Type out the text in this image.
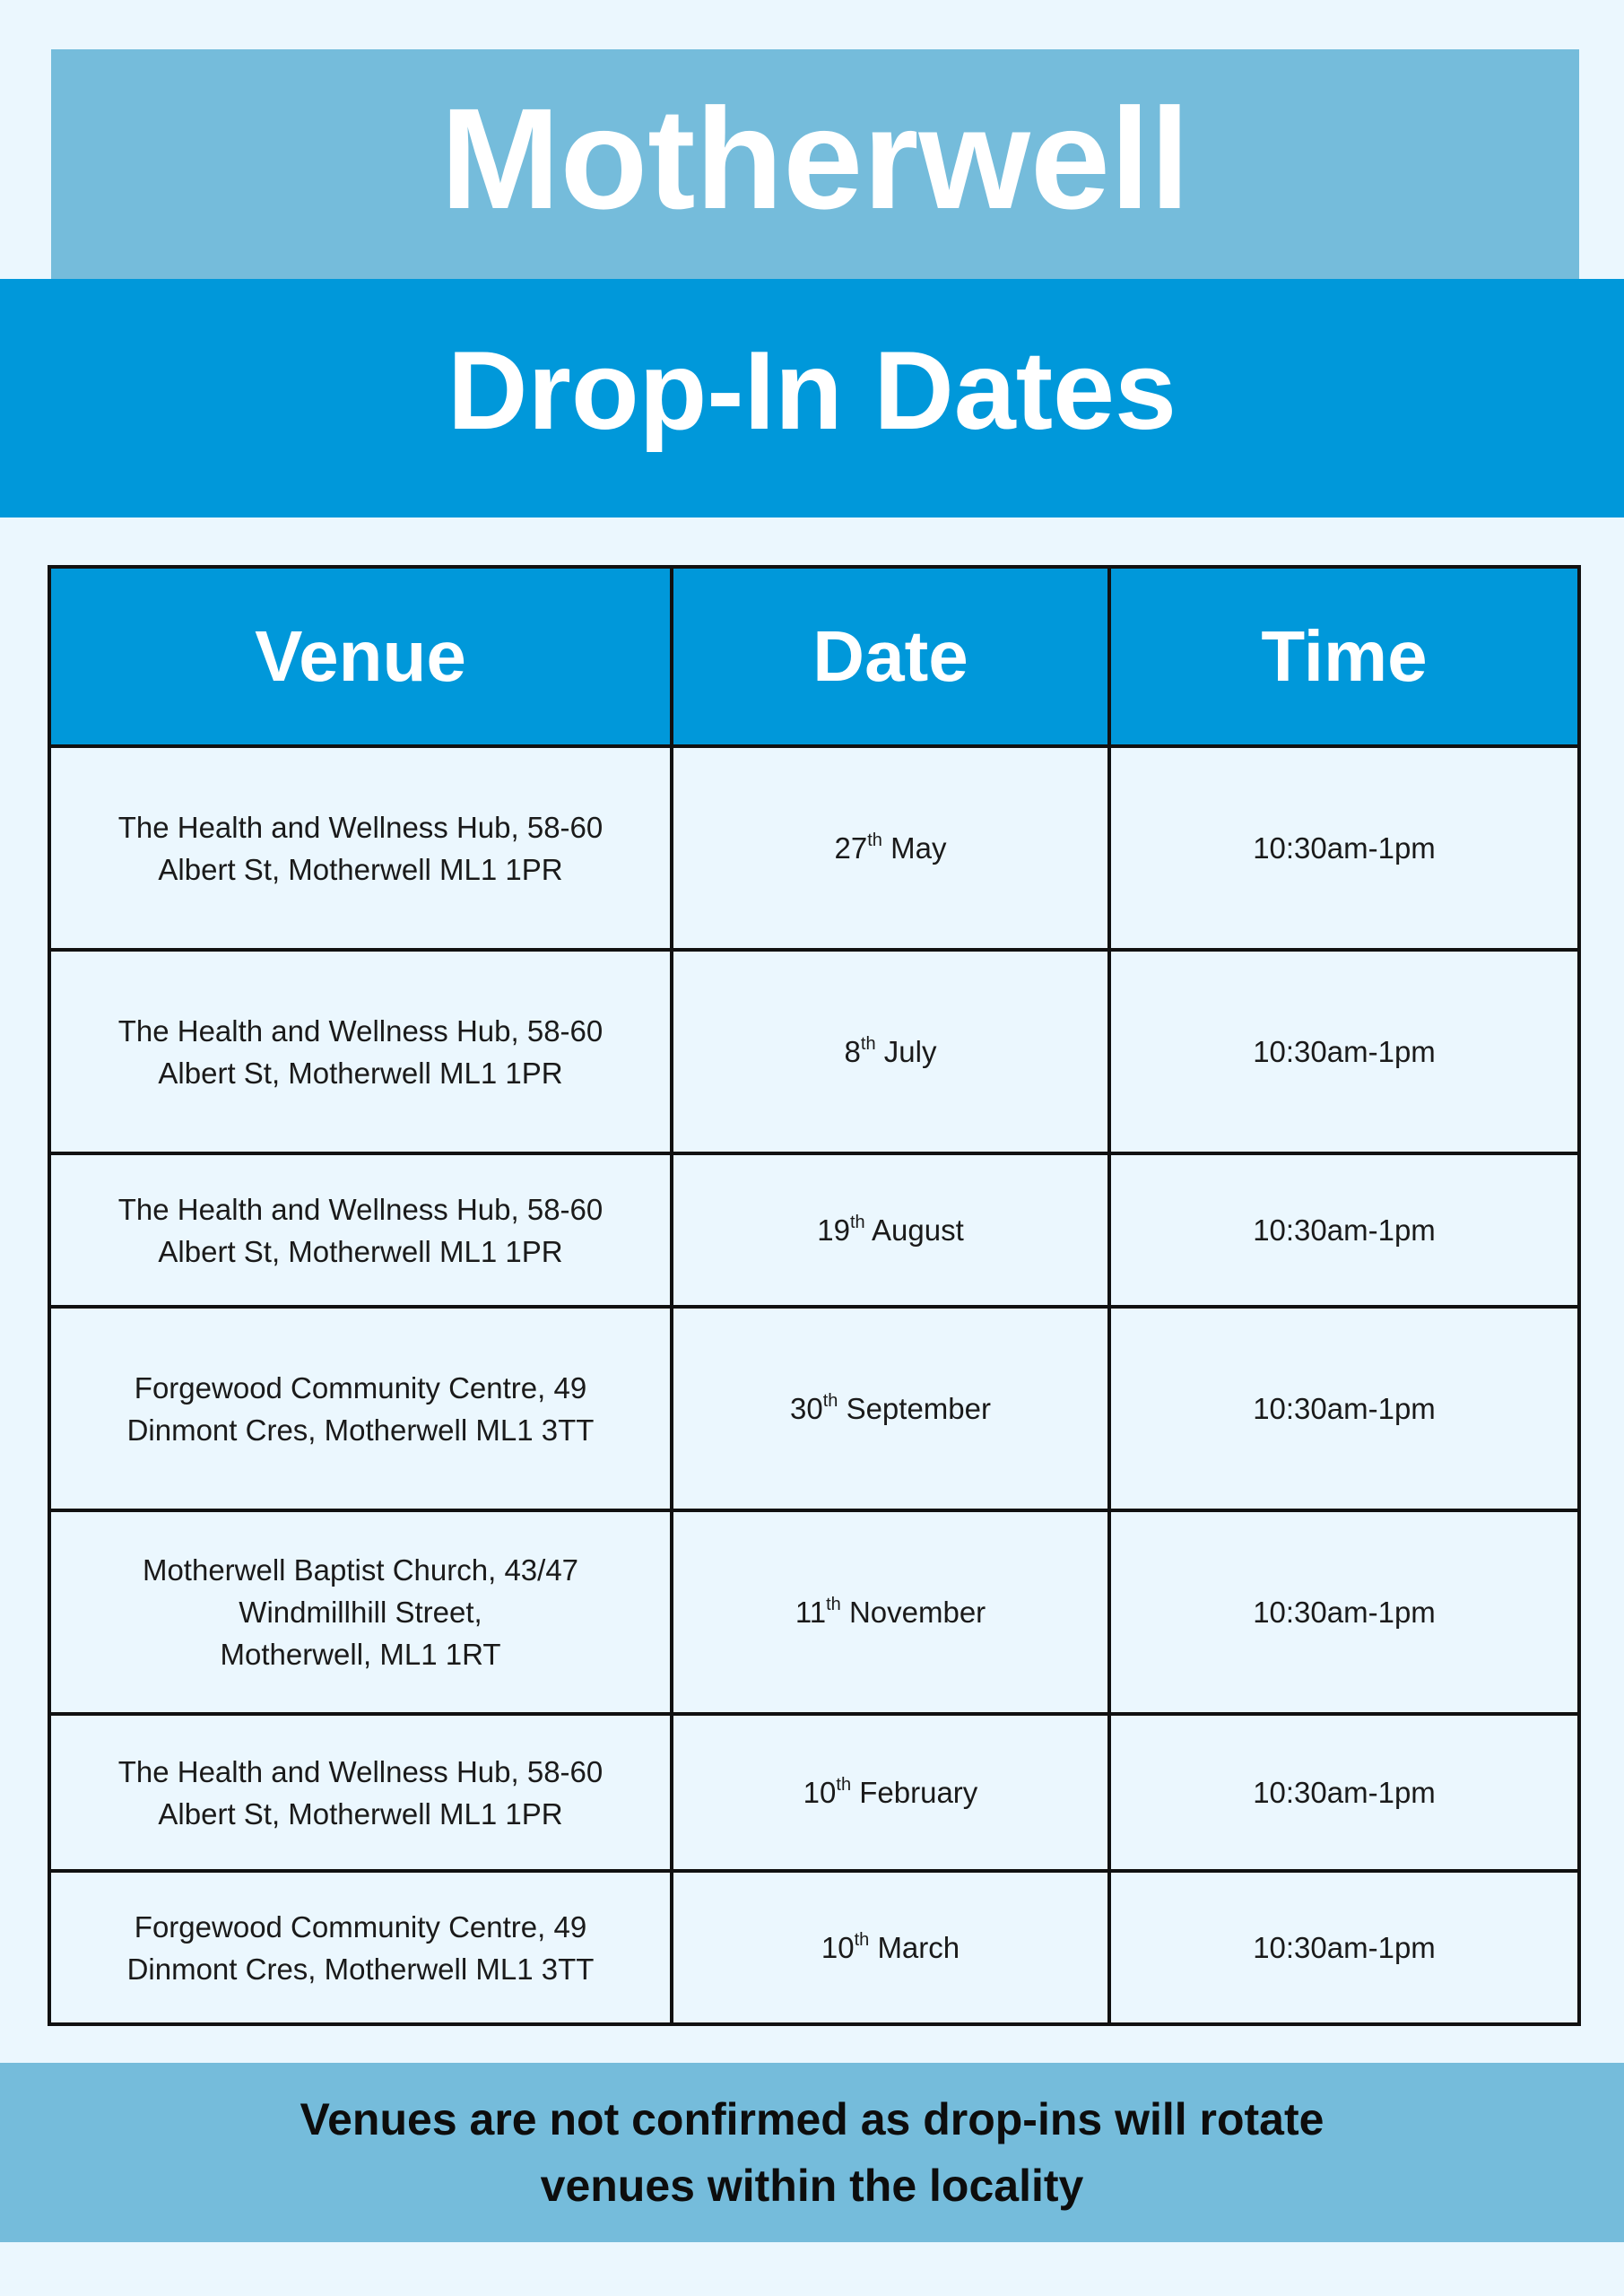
Motherwell
Drop-In Dates
Venue	Date	Time
The Health and Wellness Hub, 58-60
Albert St, Motherwell ML1 1PR	27th May	10:30am-1pm
The Health and Wellness Hub, 58-60
Albert St, Motherwell ML1 1PR	8th July	10:30am-1pm
The Health and Wellness Hub, 58-60
Albert St, Motherwell ML1 1PR	19th August	10:30am-1pm
Forgewood Community Centre, 49
Dinmont Cres, Motherwell ML1 3TT	30th September	10:30am-1pm
Motherwell Baptist Church, 43/47
Windmillhill Street,
Motherwell, ML1 1RT	11th November	10:30am-1pm
The Health and Wellness Hub, 58-60
Albert St, Motherwell ML1 1PR	10th February	10:30am-1pm
Forgewood Community Centre, 49
Dinmont Cres, Motherwell ML1 3TT	10th March	10:30am-1pm

Venues are not confirmed as drop-ins will rotate
venues within the locality
